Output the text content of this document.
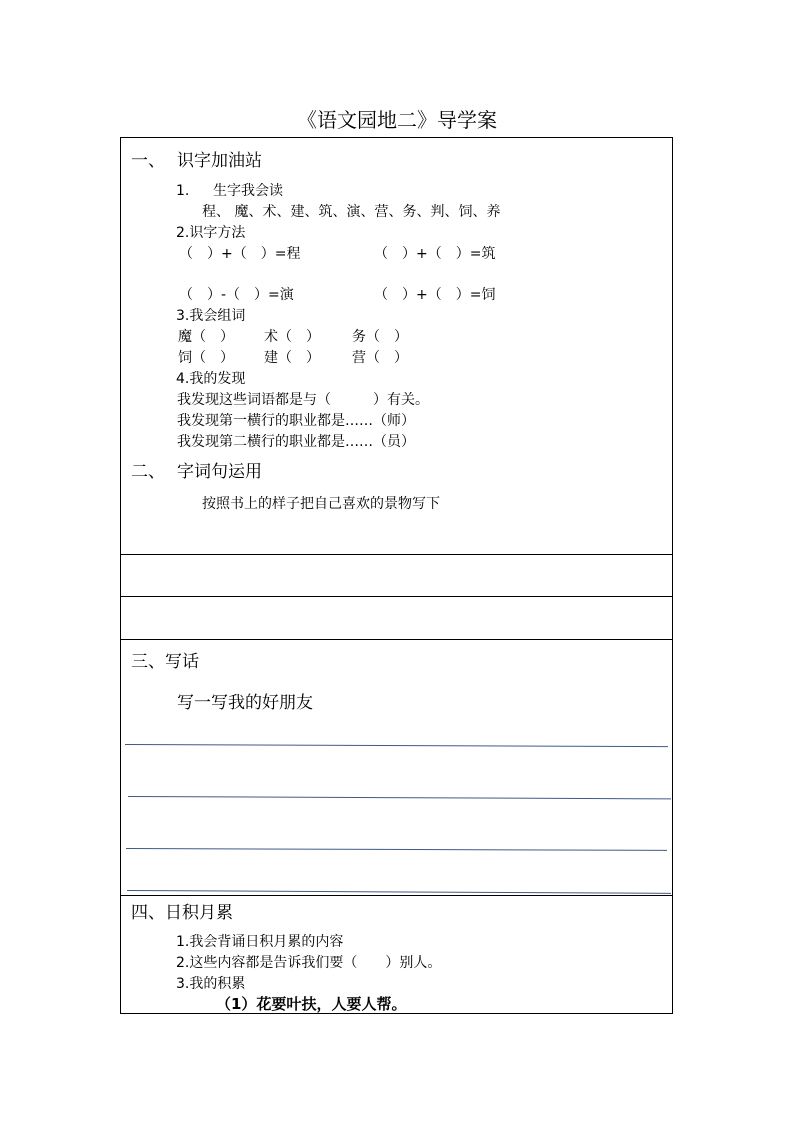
《语文园地二》导学案
一、 识字加油站
1. 生字我会读
程、 魔、术、建、筑、演、营、务、判、饲、养
2.识字方法
（　）+（　）=程	（　）+（　）=筑
（　）-（　）=演	（　）+（　）=饲
3.我会组词
魔（　） 术（　） 务（　）
饲（　） 建（　） 营（　）
4.我的发现
我发现这些词语都是与（　　　）有关。
我发现第一横行的职业都是……（师）
我发现第二横行的职业都是……（员）
二、 字词句运用
按照书上的样子把自己喜欢的景物写下
三、写话
写一写我的好朋友
四、日积月累
1.我会背诵日积月累的内容
2.这些内容都是告诉我们要（　　）别人。
3.我的积累
（1）花要叶扶，人要人帮。
